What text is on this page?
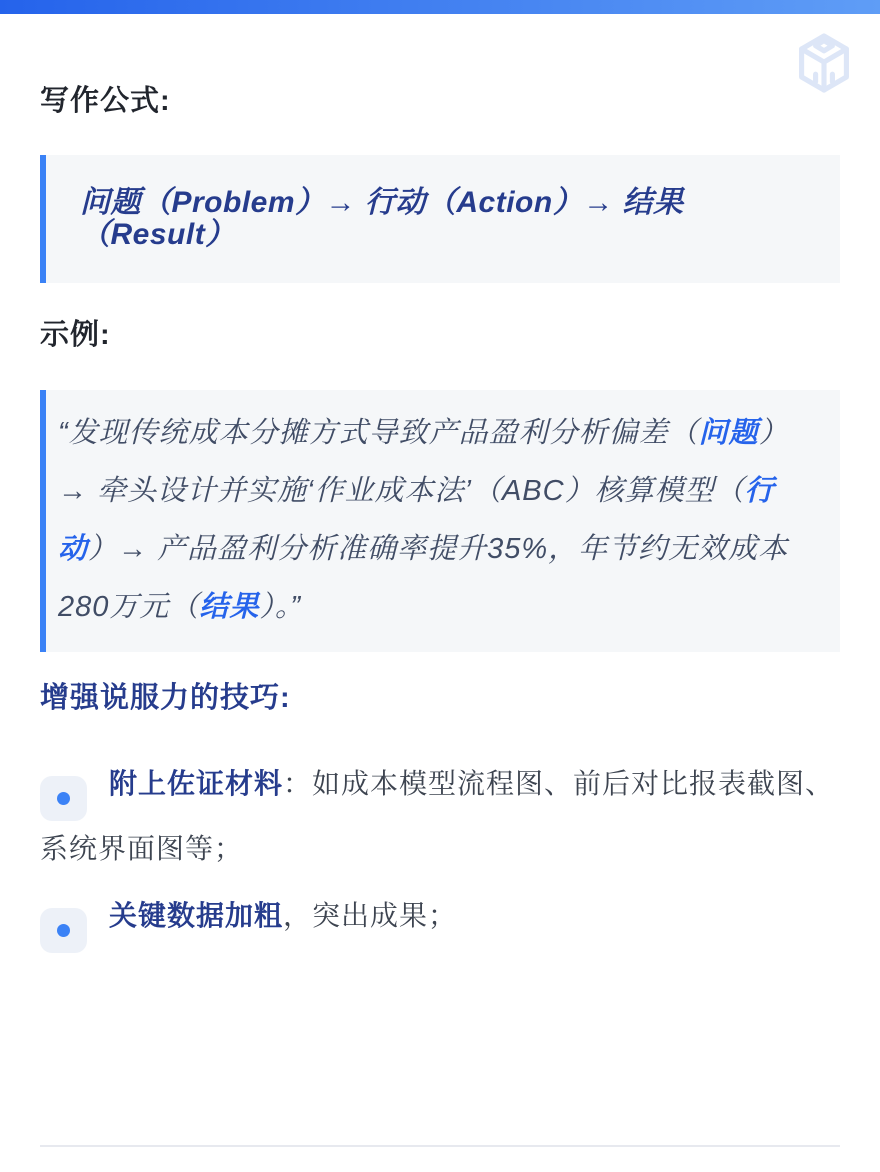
写作公式:
问题（Problem）→ 行动（Action）→ 结果（Result）
示例:
“发现传统成本分摊方式导致产品盈利分析偏差（问题）→ 牵头设计并实施‘作业成本法’（ABC）核算模型（行动）→ 产品盈利分析准确率提升35%，年节约无效成本280万元（结果）。”
增强说服力的技巧:
附上佐证材料：如成本模型流程图、前后对比报表截图、系统界面图等；
关键数据加粗，突出成果；
